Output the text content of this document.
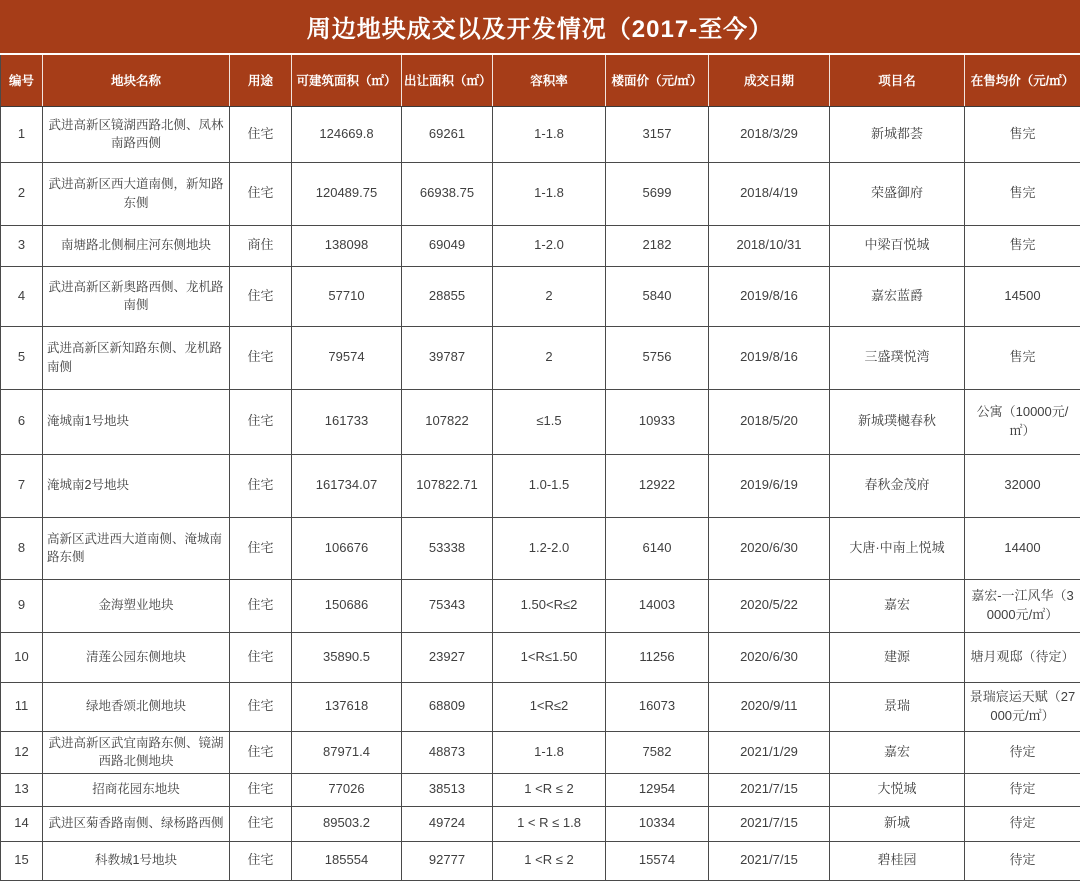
周边地块成交以及开发情况（2017-至今）
编号	地块名称	用途	可建筑面积（㎡）	出让面积（㎡）	容积率	楼面价（元/㎡）	成交日期	项目名	在售均价（元/㎡）
1	武进高新区镜湖西路北侧、凤林南路西侧	住宅	124669.8	69261	1-1.8	3157	2018/3/29	新城都荟	售完
2	武进高新区西大道南侧，新知路东侧	住宅	120489.75	66938.75	1-1.8	5699	2018/4/19	荣盛御府	售完
3	南塘路北侧桐庄河东侧地块	商住	138098	69049	1-2.0	2182	2018/10/31	中梁百悦城	售完
4	武进高新区新奥路西侧、龙机路南侧	住宅	57710	28855	2	5840	2019/8/16	嘉宏蓝爵	14500
5	武进高新区新知路东侧、龙机路南侧	住宅	79574	39787	2	5756	2019/8/16	三盛璞悦湾	售完
6	淹城南1号地块	住宅	161733	107822	≤1.5	10933	2018/5/20	新城璞樾春秋	公寓（10000元/㎡）
7	淹城南2号地块	住宅	161734.07	107822.71	1.0-1.5	12922	2019/6/19	春秋金茂府	32000
8	高新区武进西大道南侧、淹城南路东侧	住宅	106676	53338	1.2-2.0	6140	2020/6/30	大唐·中南上悦城	14400
9	金海塑业地块	住宅	150686	75343	1.50<R≤2	14003	2020/5/22	嘉宏	嘉宏-一江风华（30000元/㎡）
10	清莲公园东侧地块	住宅	35890.5	23927	1<R≤1.50	11256	2020/6/30	建源	塘月观邸（待定）
11	绿地香颂北侧地块	住宅	137618	68809	1<R≤2	16073	2020/9/11	景瑞	景瑞宸运天赋（27000元/㎡）
12	武进高新区武宜南路东侧、镜湖西路北侧地块	住宅	87971.4	48873	1-1.8	7582	2021/1/29	嘉宏	待定
13	招商花园东地块	住宅	77026	38513	1 <R ≤ 2	12954	2021/7/15	大悦城	待定
14	武进区菊香路南侧、绿杨路西侧	住宅	89503.2	49724	1 < R ≤ 1.8	10334	2021/7/15	新城	待定
15	科教城1号地块	住宅	185554	92777	1 <R ≤ 2	15574	2021/7/15	碧桂园	待定
